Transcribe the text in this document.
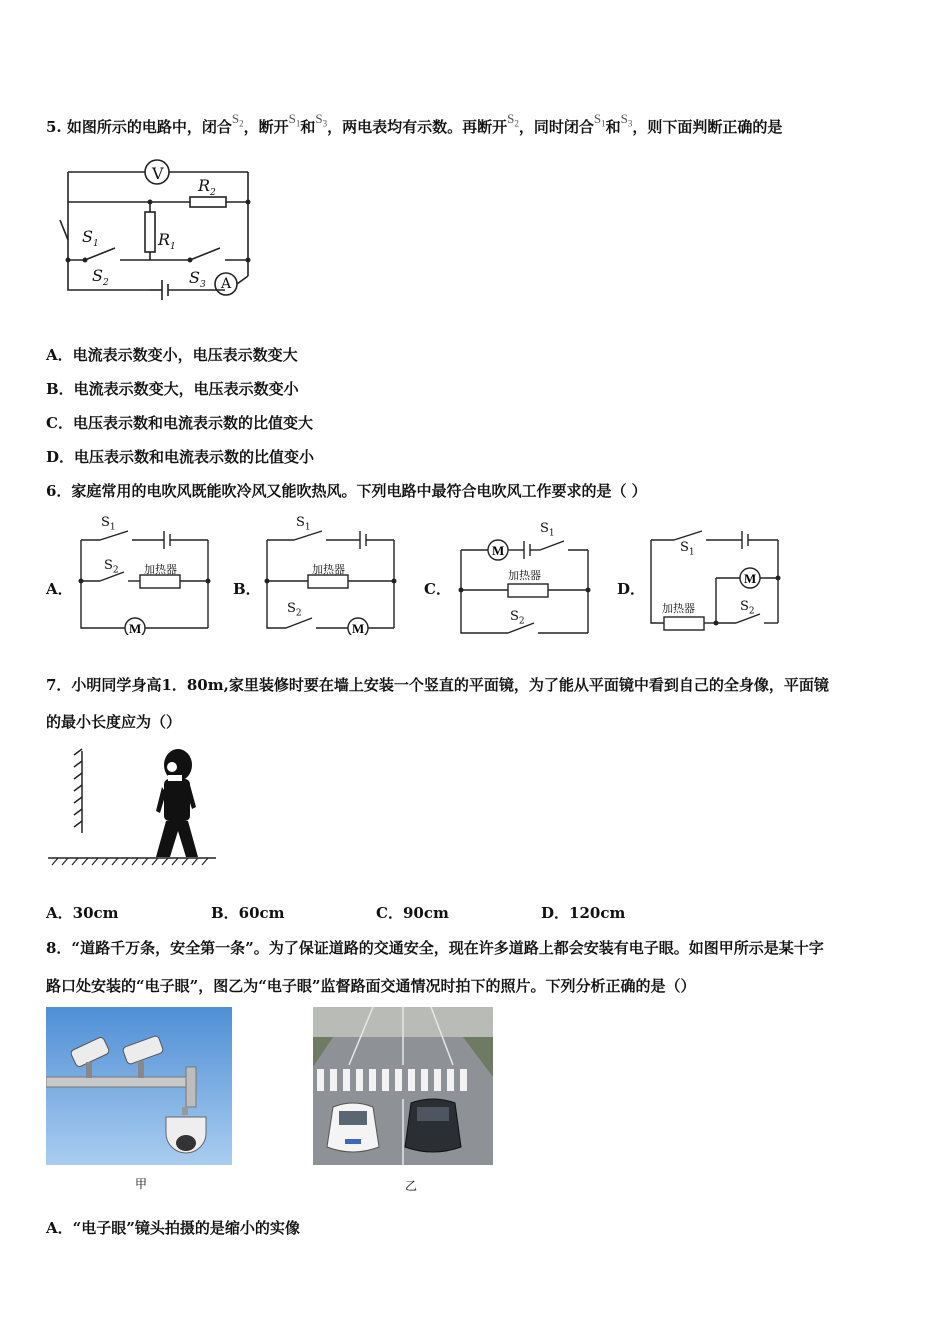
5. 如图所示的电路中，闭合$S_2$，断开$S_1$和$S_3$，两电表均有示数。再断开$S_2$，同时闭合$S_1$和$S_3$，则下面判断正确的是
V
A
$R_2$
$R_1$
$S_1$
$S_2$	$S_3$
A．电流表示数变小，电压表示数变大
B．电流表示数变大，电压表示数变小
C．电压表示数和电流表示数的比值变大
D．电压表示数和电流表示数的比值变小
6．家庭常用的电吹风既能吹冷风又能吹热风。下列电路中最符合电吹风工作要求的是（ ）
A．
M
$S_1$
$S_2$ 加热器
B．
M
$S_1$
$S_2$
加热器
C．
M
$S_1$
$S_2$
加热器
D．
M
$S_1$
$S_2$
加热器
7．小明同学身高1．80m,家里装修时要在墙上安装一个竖直的平面镜，为了能从平面镜中看到自己的全身像，平面镜
的最小长度应为（）
A．30cm	B．60cm	C．90cm	D．120cm
8．“道路千万条，安全第一条”。为了保证道路的交通安全，现在许多道路上都会安装有电子眼。如图甲所示是某十字
路口处安装的“电子眼”，图乙为“电子眼”监督路面交通情况时拍下的照片。下列分析正确的是（）
甲	乙
A．“电子眼”镜头拍摄的是缩小的实像
